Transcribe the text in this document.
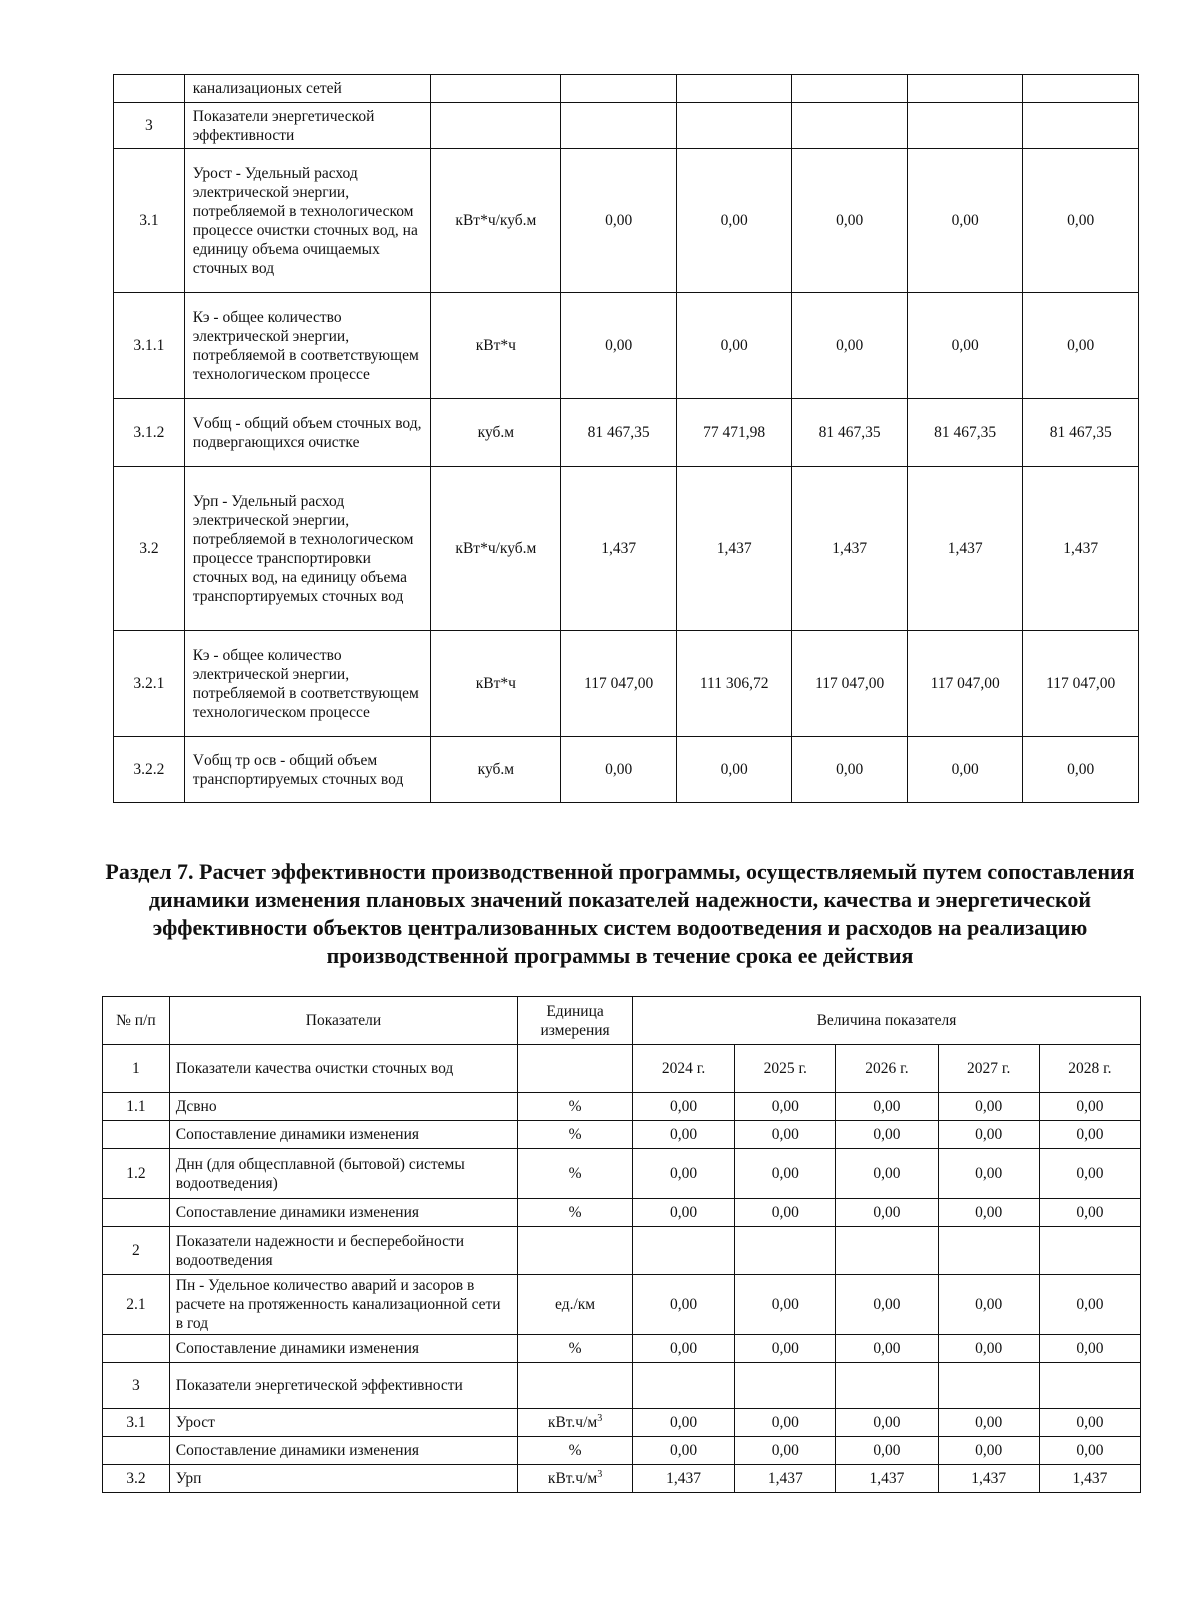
	канализационых сетей						
3	Показатели энергетической эффективности						
3.1	Урост - Удельный расход электрической энергии, потребляемой в технологическом процессе очистки сточных вод, на единицу объема очищаемых сточных вод	кВт*ч/куб.м	0,00	0,00	0,00	0,00	0,00
3.1.1	Кэ - общее количество электрической энергии, потребляемой в соответствующем технологическом процессе	кВт*ч	0,00	0,00	0,00	0,00	0,00
3.1.2	Vобщ - общий объем сточных вод, подвергающихся очистке	куб.м	81 467,35	77 471,98	81 467,35	81 467,35	81 467,35
3.2	Урп - Удельный расход электрической энергии, потребляемой в технологическом процессе транспортировки сточных вод, на единицу объема транспортируемых сточных вод	кВт*ч/куб.м	1,437	1,437	1,437	1,437	1,437
3.2.1	Кэ - общее количество электрической энергии, потребляемой в соответствующем технологическом процессе	кВт*ч	117 047,00	111 306,72	117 047,00	117 047,00	117 047,00
3.2.2	Vобщ тр осв - общий объем транспортируемых сточных вод	куб.м	0,00	0,00	0,00	0,00	0,00
Раздел 7. Расчет эффективности производственной программы, осуществляемый путем сопоставления динамики изменения плановых значений показателей надежности, качества и энергетической эффективности объектов централизованных систем водоотведения и расходов на реализацию производственной программы в течение срока ее действия
№ п/п	Показатели	Единица измерения	Величина показателя				
1	Показатели качества очистки сточных вод		2024 г.	2025 г.	2026 г.	2027 г.	2028 г.
1.1	Дсвно	%	0,00	0,00	0,00	0,00	0,00
	Сопоставление динамики изменения	%	0,00	0,00	0,00	0,00	0,00
1.2	Днн (для общесплавной (бытовой) системы водоотведения)	%	0,00	0,00	0,00	0,00	0,00
	Сопоставление динамики изменения	%	0,00	0,00	0,00	0,00	0,00
2	Показатели надежности и бесперебойности водоотведения						
2.1	Пн - Удельное количество аварий и засоров в расчете на протяженность канализационной сети в год	ед./км	0,00	0,00	0,00	0,00	0,00
	Сопоставление динамики изменения	%	0,00	0,00	0,00	0,00	0,00
3	Показатели энергетической эффективности						
3.1	Урост	$кВт.ч/м^3$	0,00	0,00	0,00	0,00	0,00
	Сопоставление динамики изменения	%	0,00	0,00	0,00	0,00	0,00
3.2	Урп	$кВт.ч/м^3$	1,437	1,437	1,437	1,437	1,437
